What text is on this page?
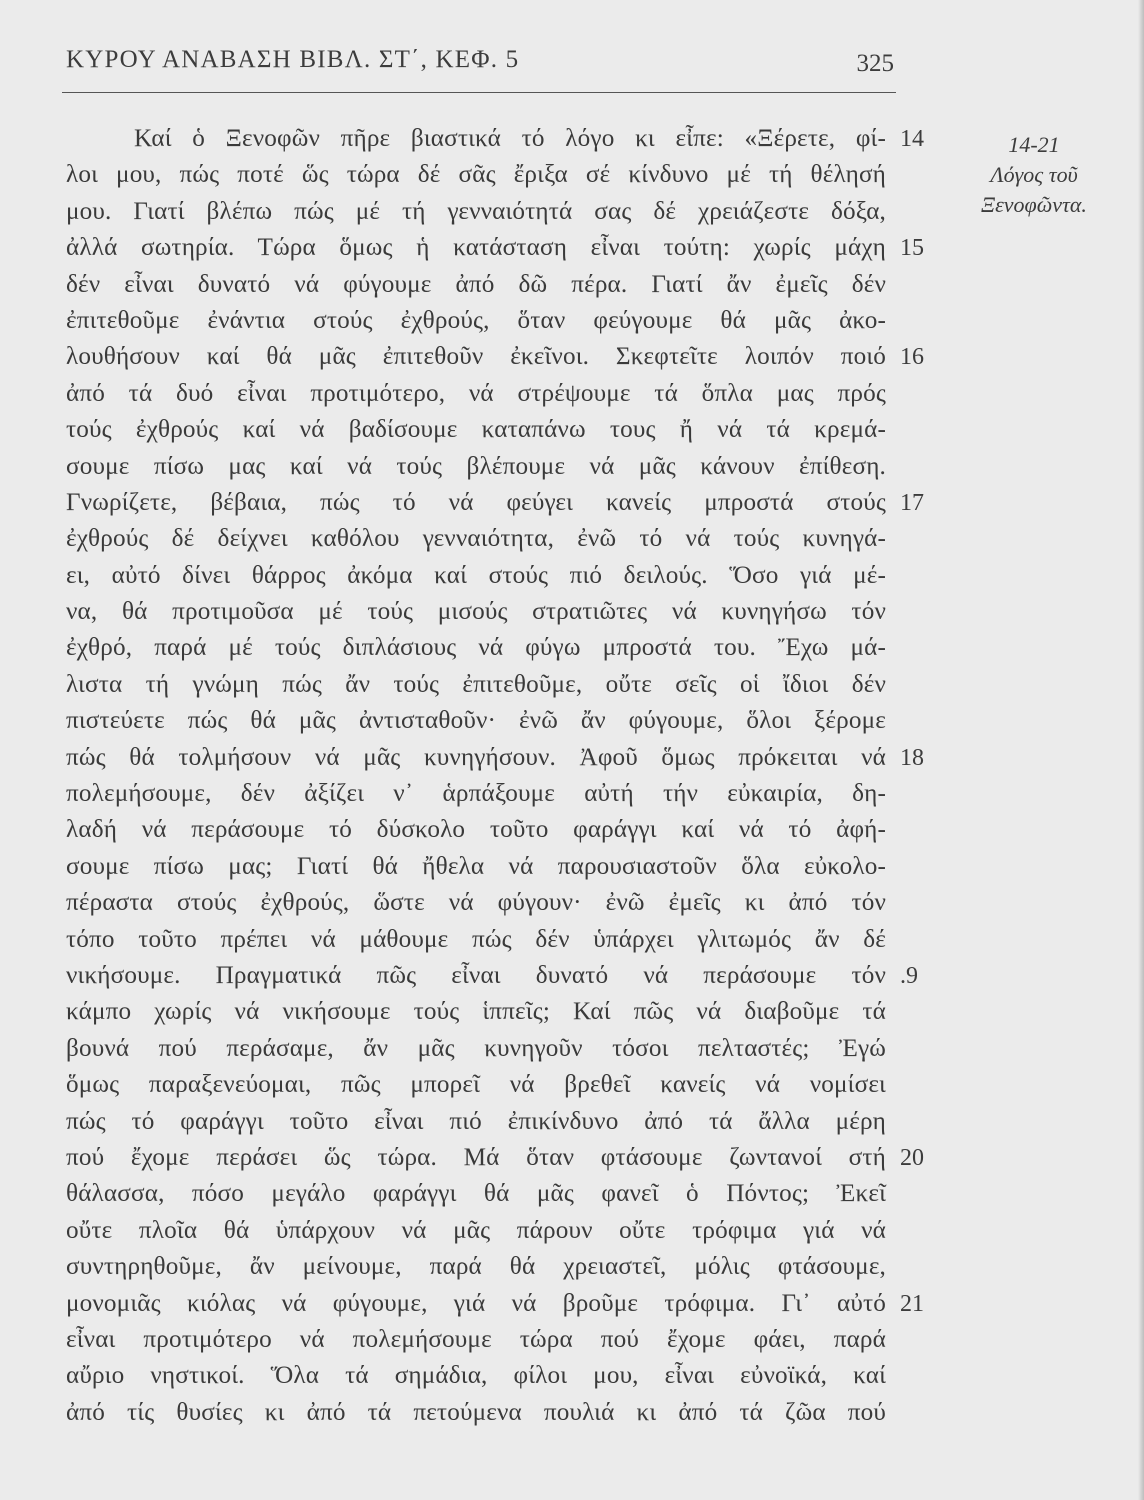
ΚΥΡΟΥ ΑΝΑΒΑΣΗ ΒΙΒΛ. ΣΤ΄, ΚΕΦ. 5	325
Καί ὁ Ξενοφῶν πῆρε βιαστικά τό λόγο κι εἶπε: «Ξέρετε, φί-
λοι μου, πώς ποτέ ὥς τώρα δέ σᾶς ἔριξα σέ κίνδυνο μέ τή θέλησή
μου. Γιατί βλέπω πώς μέ τή γενναιότητά σας δέ χρειάζεστε δόξα,
ἀλλά σωτηρία. Τώρα ὅμως ἡ κατάσταση εἶναι τούτη: χωρίς μάχη
δέν εἶναι δυνατό νά φύγουμε ἀπό δῶ πέρα. Γιατί ἄν ἐμεῖς δέν
ἐπιτεθοῦμε ἐνάντια στούς ἐχθρούς, ὅταν φεύγουμε θά μᾶς ἀκο-
λουθήσουν καί θά μᾶς ἐπιτεθοῦν ἐκεῖνοι. Σκεφτεῖτε λοιπόν ποιό
ἀπό τά δυό εἶναι προτιμότερο, νά στρέψουμε τά ὅπλα μας πρός
τούς ἐχθρούς καί νά βαδίσουμε καταπάνω τους ἤ νά τά κρεμά-
σουμε πίσω μας καί νά τούς βλέπουμε νά μᾶς κάνουν ἐπίθεση.
Γνωρίζετε, βέβαια, πώς τό νά φεύγει κανείς μπροστά στούς
ἐχθρούς δέ δείχνει καθόλου γενναιότητα, ἐνῶ τό νά τούς κυνηγά-
ει, αὐτό δίνει θάρρος ἀκόμα καί στούς πιό δειλούς. Ὅσο γιά μέ-
να, θά προτιμοῦσα μέ τούς μισούς στρατιῶτες νά κυνηγήσω τόν
ἐχθρό, παρά μέ τούς διπλάσιους νά φύγω μπροστά του. Ἔχω μά-
λιστα τή γνώμη πώς ἄν τούς ἐπιτεθοῦμε, οὔτε σεῖς οἱ ἴδιοι δέν
πιστεύετε πώς θά μᾶς ἀντισταθοῦν· ἐνῶ ἄν φύγουμε, ὅλοι ξέρομε
πώς θά τολμήσουν νά μᾶς κυνηγήσουν. Ἀφοῦ ὅμως πρόκειται νά
πολεμήσουμε, δέν ἀξίζει ν᾿ ἁρπάξουμε αὐτή τήν εὐκαιρία, δη-
λαδή νά περάσουμε τό δύσκολο τοῦτο φαράγγι καί νά τό ἀφή-
σουμε πίσω μας; Γιατί θά ἤθελα νά παρουσιαστοῦν ὅλα εὐκολο-
πέραστα στούς ἐχθρούς, ὥστε νά φύγουν· ἐνῶ ἐμεῖς κι ἀπό τόν
τόπο τοῦτο πρέπει νά μάθουμε πώς δέν ὑπάρχει γλιτωμός ἄν δέ
νικήσουμε. Πραγματικά πῶς εἶναι δυνατό νά περάσουμε τόν
κάμπο χωρίς νά νικήσουμε τούς ἱππεῖς; Καί πῶς νά διαβοῦμε τά
βουνά πού περάσαμε, ἄν μᾶς κυνηγοῦν τόσοι πελταστές; Ἐγώ
ὅμως παραξενεύομαι, πῶς μπορεῖ νά βρεθεῖ κανείς νά νομίσει
πώς τό φαράγγι τοῦτο εἶναι πιό ἐπικίνδυνο ἀπό τά ἄλλα μέρη
πού ἔχομε περάσει ὥς τώρα. Μά ὅταν φτάσουμε ζωντανοί στή
θάλασσα, πόσο μεγάλο φαράγγι θά μᾶς φανεῖ ὁ Πόντος; Ἐκεῖ
οὔτε πλοῖα θά ὑπάρχουν νά μᾶς πάρουν οὔτε τρόφιμα γιά νά
συντηρηθοῦμε, ἄν μείνουμε, παρά θά χρειαστεῖ, μόλις φτάσουμε,
μονομιᾶς κιόλας νά φύγουμε, γιά νά βροῦμε τρόφιμα. Γι᾿ αὐτό
εἶναι προτιμότερο νά πολεμήσουμε τώρα πού ἔχομε φάει, παρά
αὔριο νηστικοί. Ὅλα τά σημάδια, φίλοι μου, εἶναι εὐνοϊκά, καί
ἀπό τίς θυσίες κι ἀπό τά πετούμενα πουλιά κι ἀπό τά ζῶα πού
14
15
16
17
18
.9
20
21
14-21
Λόγος τοῦ
Ξενοφῶντα.
